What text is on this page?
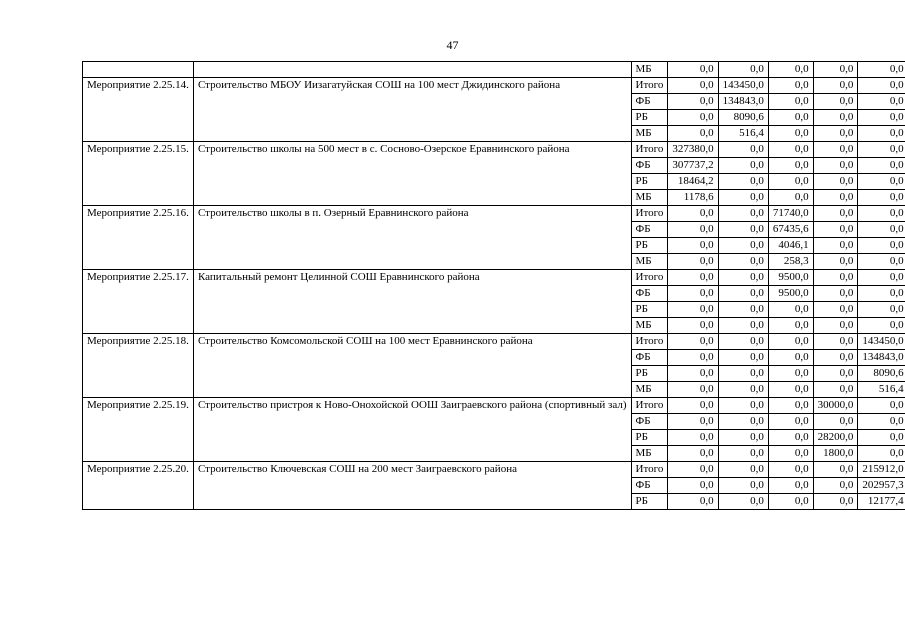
47
		МБ	0,0	0,0	0,0	0,0	0,0
Мероприятие 2.25.14.	Строительство МБОУ Иизагатуйская СОШ на 100 мест Джидинского района	Итого	0,0	143450,0	0,0	0,0	0,0
		ФБ	0,0	134843,0	0,0	0,0	0,0
		РБ	0,0	8090,6	0,0	0,0	0,0
		МБ	0,0	516,4	0,0	0,0	0,0
Мероприятие 2.25.15.	Строительство школы на 500 мест в с. Сосново-Озерское Еравнинского района	Итого	327380,0	0,0	0,0	0,0	0,0
		ФБ	307737,2	0,0	0,0	0,0	0,0
		РБ	18464,2	0,0	0,0	0,0	0,0
		МБ	1178,6	0,0	0,0	0,0	0,0
Мероприятие 2.25.16.	Строительство школы в п. Озерный Еравнинского района	Итого	0,0	0,0	71740,0	0,0	0,0
		ФБ	0,0	0,0	67435,6	0,0	0,0
		РБ	0,0	0,0	4046,1	0,0	0,0
		МБ	0,0	0,0	258,3	0,0	0,0
Мероприятие 2.25.17.	Капитальный ремонт Целинной СОШ Еравнинского района	Итого	0,0	0,0	9500,0	0,0	0,0
		ФБ	0,0	0,0	9500,0	0,0	0,0
		РБ	0,0	0,0	0,0	0,0	0,0
		МБ	0,0	0,0	0,0	0,0	0,0
Мероприятие 2.25.18.	Строительство Комсомольской СОШ на 100 мест Еравнинского района	Итого	0,0	0,0	0,0	0,0	143450,0
		ФБ	0,0	0,0	0,0	0,0	134843,0
		РБ	0,0	0,0	0,0	0,0	8090,6
		МБ	0,0	0,0	0,0	0,0	516,4
Мероприятие 2.25.19.	Строительство пристроя к Ново-Онохойской ООШ Заиграевского района (спортивный зал)	Итого	0,0	0,0	0,0	30000,0	0,0
		ФБ	0,0	0,0	0,0	0,0	0,0
		РБ	0,0	0,0	0,0	28200,0	0,0
		МБ	0,0	0,0	0,0	1800,0	0,0
Мероприятие 2.25.20.	Строительство Ключевская СОШ на 200 мест Заиграевского района	Итого	0,0	0,0	0,0	0,0	215912,0
		ФБ	0,0	0,0	0,0	0,0	202957,3
		РБ	0,0	0,0	0,0	0,0	12177,4
